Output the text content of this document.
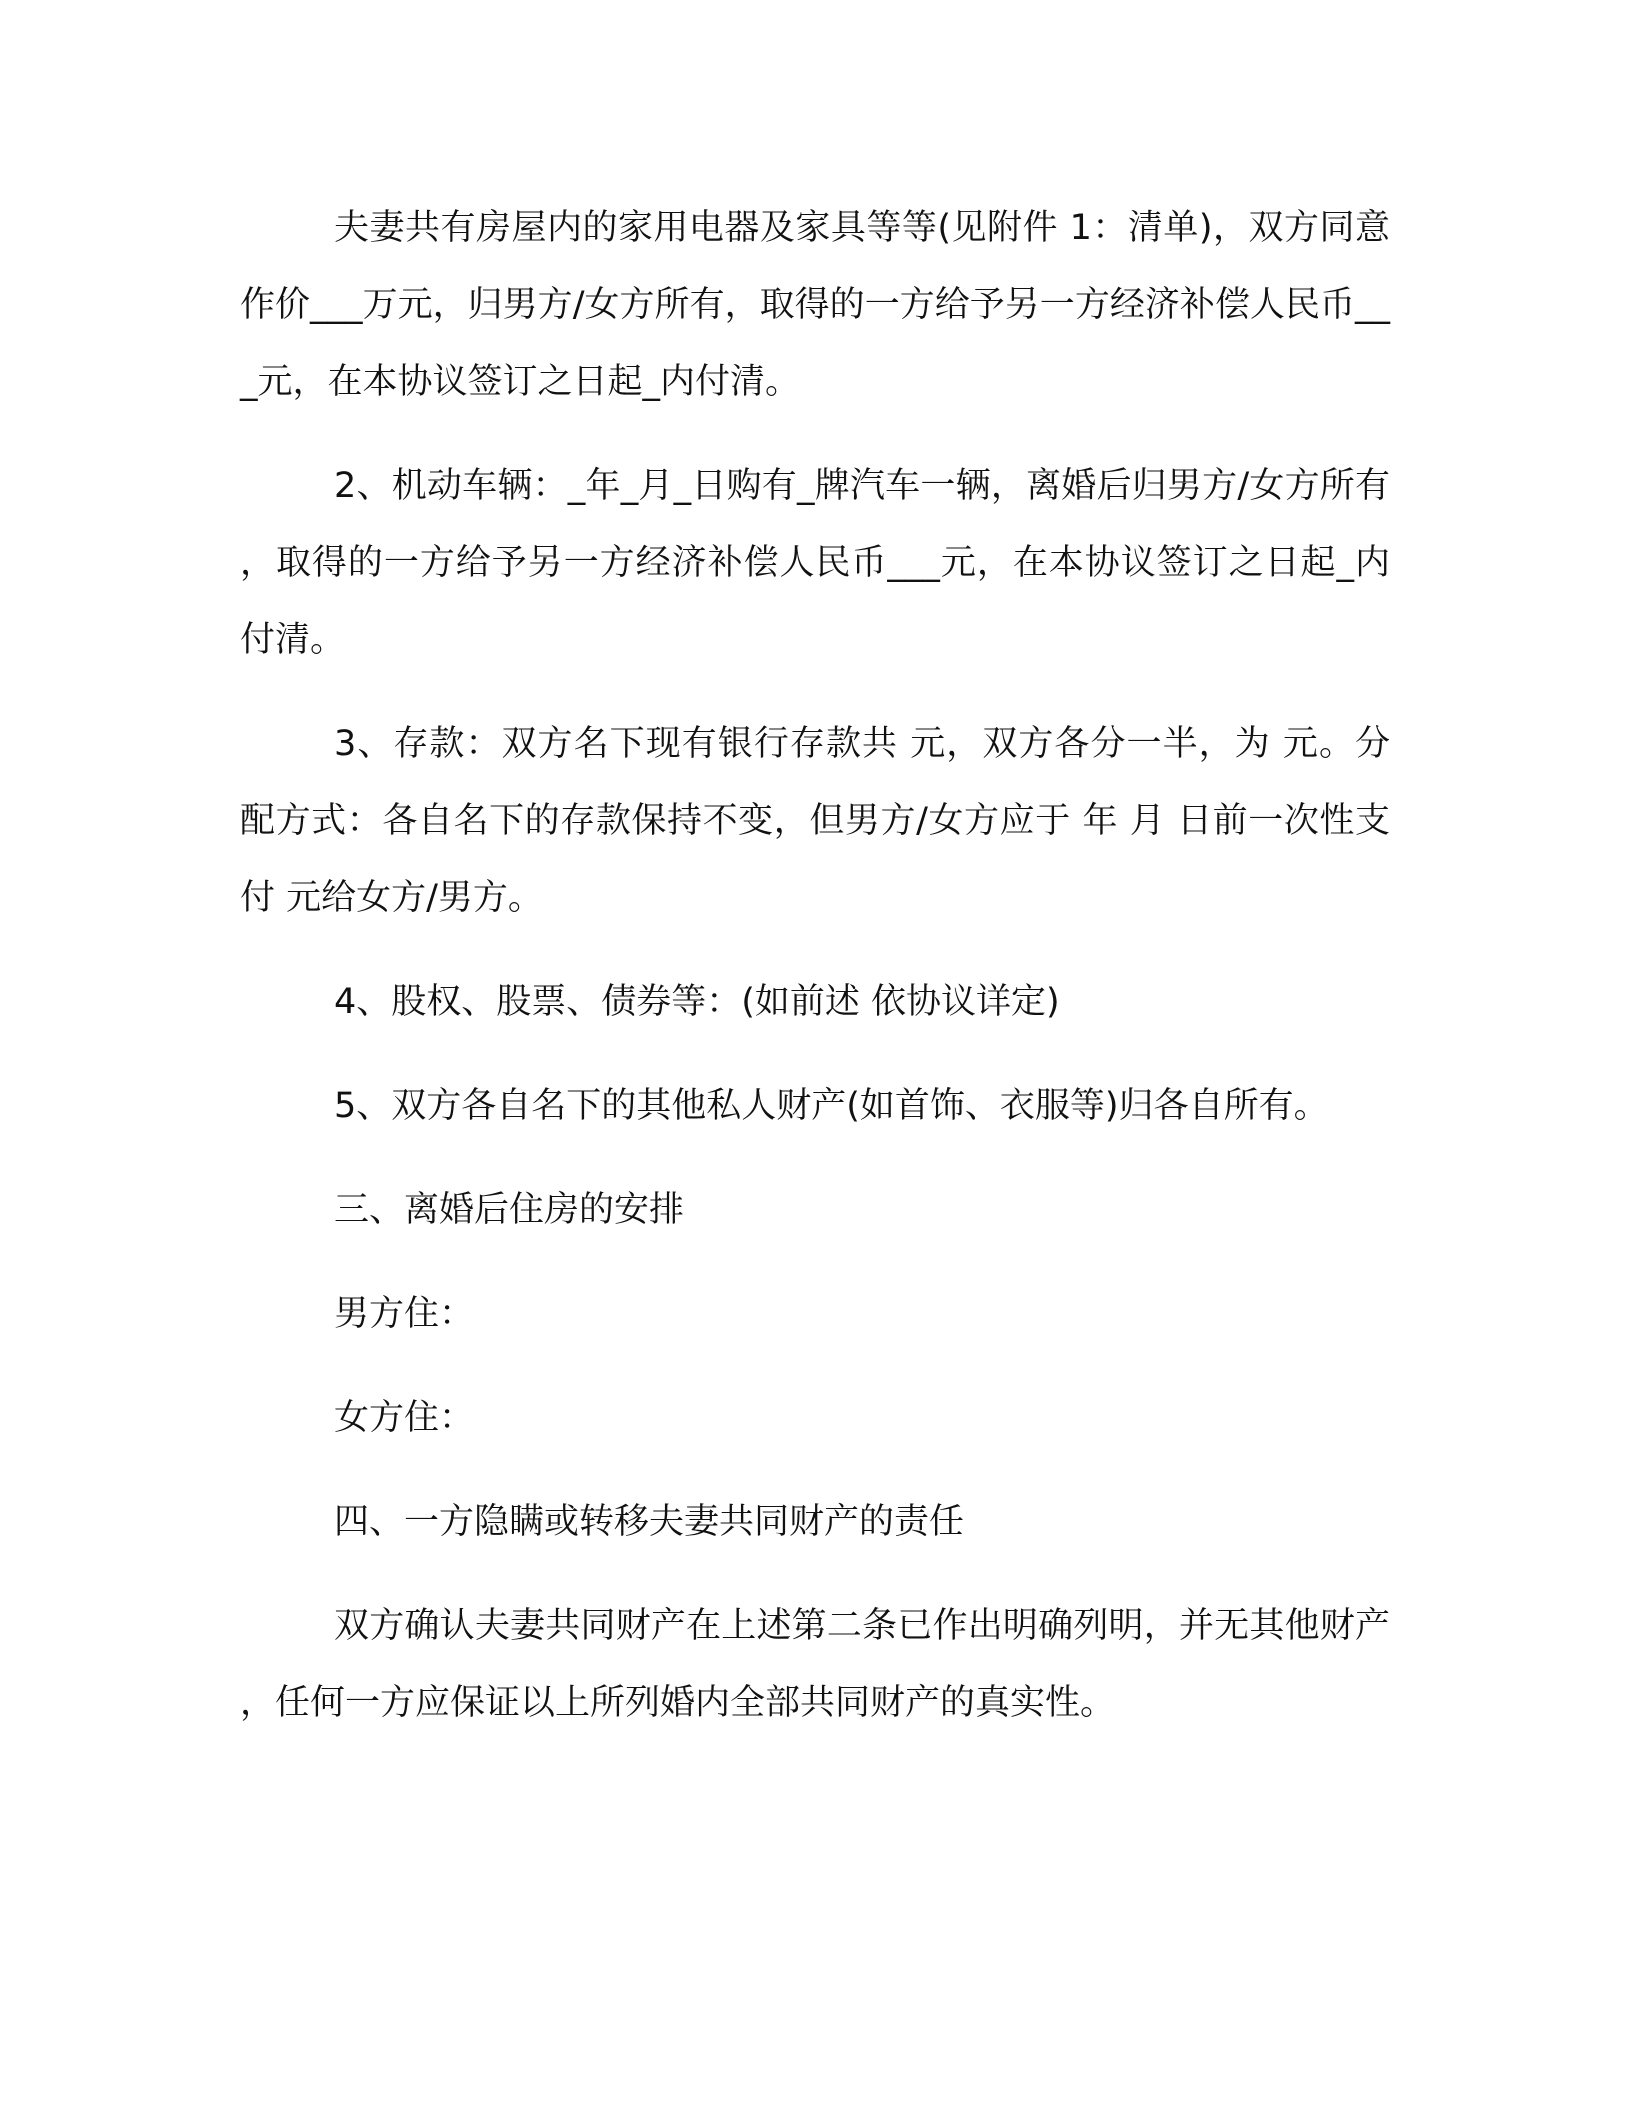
夫妻共有房屋内的家用电器及家具等等(见附件 1：清单)，双方同意作价___万元，归男方/女方所有，取得的一方给予另一方经济补偿人民币___元，在本协议签订之日起_内付清。

2、机动车辆：_年_月_日购有_牌汽车一辆，离婚后归男方/女方所有，取得的一方给予另一方经济补偿人民币___元，在本协议签订之日起_内付清。

3、存款：双方名下现有银行存款共 元，双方各分一半，为 元。分配方式：各自名下的存款保持不变，但男方/女方应于 年 月 日前一次性支付 元给女方/男方。

4、股权、股票、债券等：(如前述 依协议详定)

5、双方各自名下的其他私人财产(如首饰、衣服等)归各自所有。

三、离婚后住房的安排

男方住：

女方住：

四、一方隐瞒或转移夫妻共同财产的责任

双方确认夫妻共同财产在上述第二条已作出明确列明，并无其他财产，任何一方应保证以上所列婚内全部共同财产的真实性。
